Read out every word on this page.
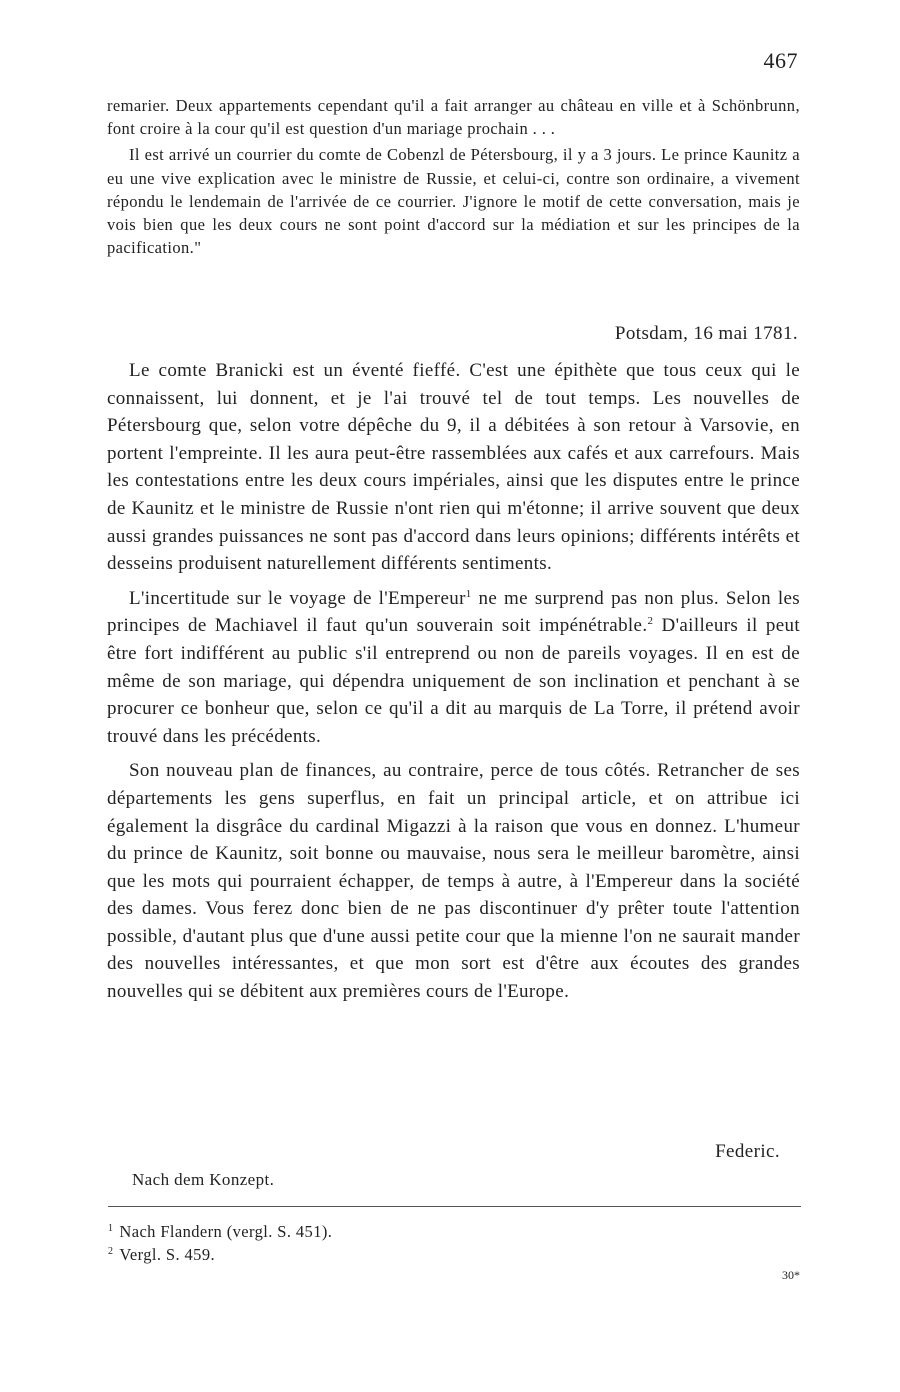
467

remarier. Deux appartements cependant qu'il a fait arranger au château en ville et à Schönbrunn, font croire à la cour qu'il est question d'un mariage prochain . . .

Il est arrivé un courrier du comte de Cobenzl de Pétersbourg, il y a 3 jours. Le prince Kaunitz a eu une vive explication avec le ministre de Russie, et celui-ci, contre son ordinaire, a vivement répondu le lendemain de l'arrivée de ce courrier. J'ignore le motif de cette conversation, mais je vois bien que les deux cours ne sont point d'accord sur la médiation et sur les principes de la pacification."

Potsdam, 16 mai 1781.

Le comte Branicki est un éventé fieffé. C'est une épithète que tous ceux qui le connaissent, lui donnent, et je l'ai trouvé tel de tout temps. Les nouvelles de Pétersbourg que, selon votre dépêche du 9, il a débitées à son retour à Varsovie, en portent l'empreinte. Il les aura peut-être rassemblées aux cafés et aux carrefours. Mais les contestations entre les deux cours impériales, ainsi que les disputes entre le prince de Kaunitz et le ministre de Russie n'ont rien qui m'étonne; il arrive souvent que deux aussi grandes puissances ne sont pas d'accord dans leurs opinions; différents intérêts et desseins produisent naturellement différents sentiments.

L'incertitude sur le voyage de l'Empereur$^1$ ne me surprend pas non plus. Selon les principes de Machiavel il faut qu'un souverain soit impénétrable.$^2$ D'ailleurs il peut être fort indifférent au public s'il entreprend ou non de pareils voyages. Il en est de même de son mariage, qui dépendra uniquement de son inclination et penchant à se procurer ce bonheur que, selon ce qu'il a dit au marquis de La Torre, il prétend avoir trouvé dans les précédents.

Son nouveau plan de finances, au contraire, perce de tous côtés. Retrancher de ses départements les gens superflus, en fait un principal article, et on attribue ici également la disgrâce du cardinal Migazzi à la raison que vous en donnez. L'humeur du prince de Kaunitz, soit bonne ou mauvaise, nous sera le meilleur baromètre, ainsi que les mots qui pourraient échapper, de temps à autre, à l'Empereur dans la société des dames. Vous ferez donc bien de ne pas discontinuer d'y prêter toute l'attention possible, d'autant plus que d'une aussi petite cour que la mienne l'on ne saurait mander des nouvelles intéressantes, et que mon sort est d'être aux écoutes des grandes nouvelles qui se débitent aux premières cours de l'Europe.

Federic.
Nach dem Konzept.
$^1$ Nach Flandern (vergl. S. 451).
$^2$ Vergl. S. 459.
30*
